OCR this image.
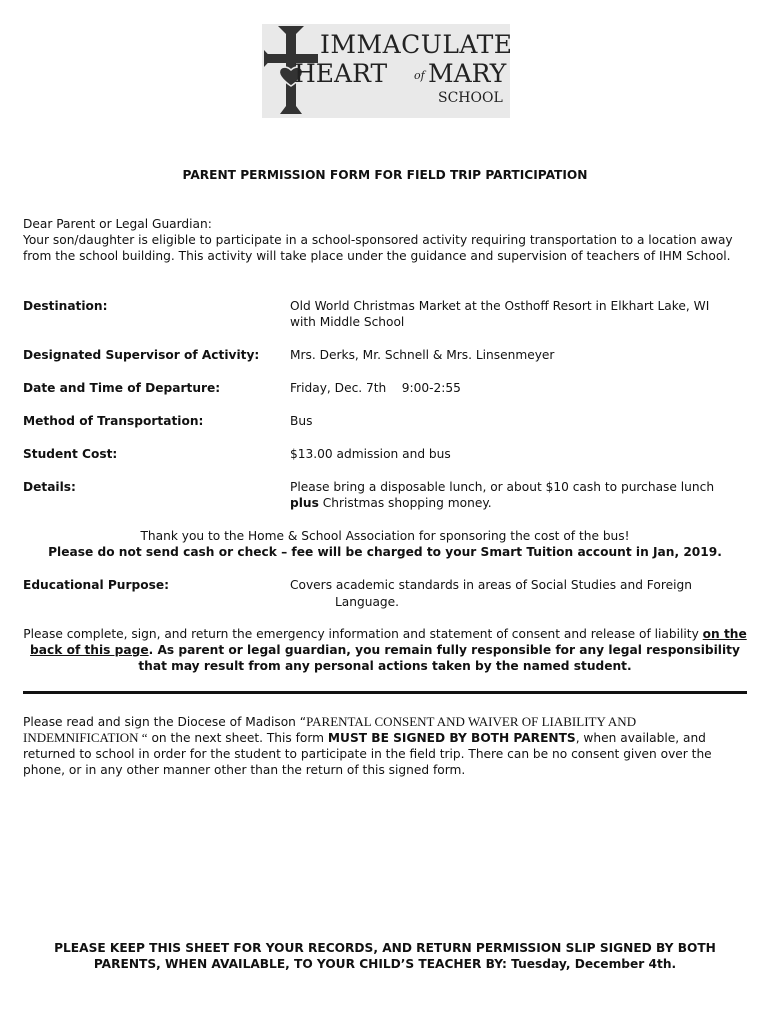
IMMACULATE
HEART of MARY
SCHOOL
PARENT PERMISSION FORM FOR FIELD TRIP PARTICIPATION
Dear Parent or Legal Guardian:
Your son/daughter is eligible to participate in a school-sponsored activity requiring transportation to a location away from the school building. This activity will take place under the guidance and supervision of teachers of IHM School.
Destination:	Old World Christmas Market at the Osthoff Resort in Elkhart Lake, WI with Middle School
Designated Supervisor of Activity:	Mrs. Derks, Mr. Schnell & Mrs. Linsenmeyer
Date and Time of Departure:	Friday, Dec. 7th    9:00-2:55
Method of Transportation:	Bus
Student Cost:	$13.00 admission and bus
Details:	Please bring a disposable lunch, or about $10 cash to purchase lunch
plus Christmas shopping money.
Thank you to the Home & School Association for sponsoring the cost of the bus!
Please do not send cash or check – fee will be charged to your Smart Tuition account in Jan, 2019.
Educational Purpose:	Covers academic standards in areas of Social Studies and Foreign
Language.
Please complete, sign, and return the emergency information and statement of consent and release of liability on the back of this page. As parent or legal guardian, you remain fully responsible for any legal responsibility that may result from any personal actions taken by the named student.
Please read and sign the Diocese of Madison “PARENTAL CONSENT AND WAIVER OF LIABILITY AND INDEMNIFICATION “ on the next sheet. This form MUST BE SIGNED BY BOTH PARENTS, when available, and returned to school in order for the student to participate in the field trip. There can be no consent given over the phone, or in any other manner other than the return of this signed form.
PLEASE KEEP THIS SHEET FOR YOUR RECORDS, AND RETURN PERMISSION SLIP SIGNED BY BOTH PARENTS, WHEN AVAILABLE, TO YOUR CHILD’S TEACHER BY: Tuesday, December 4th.
